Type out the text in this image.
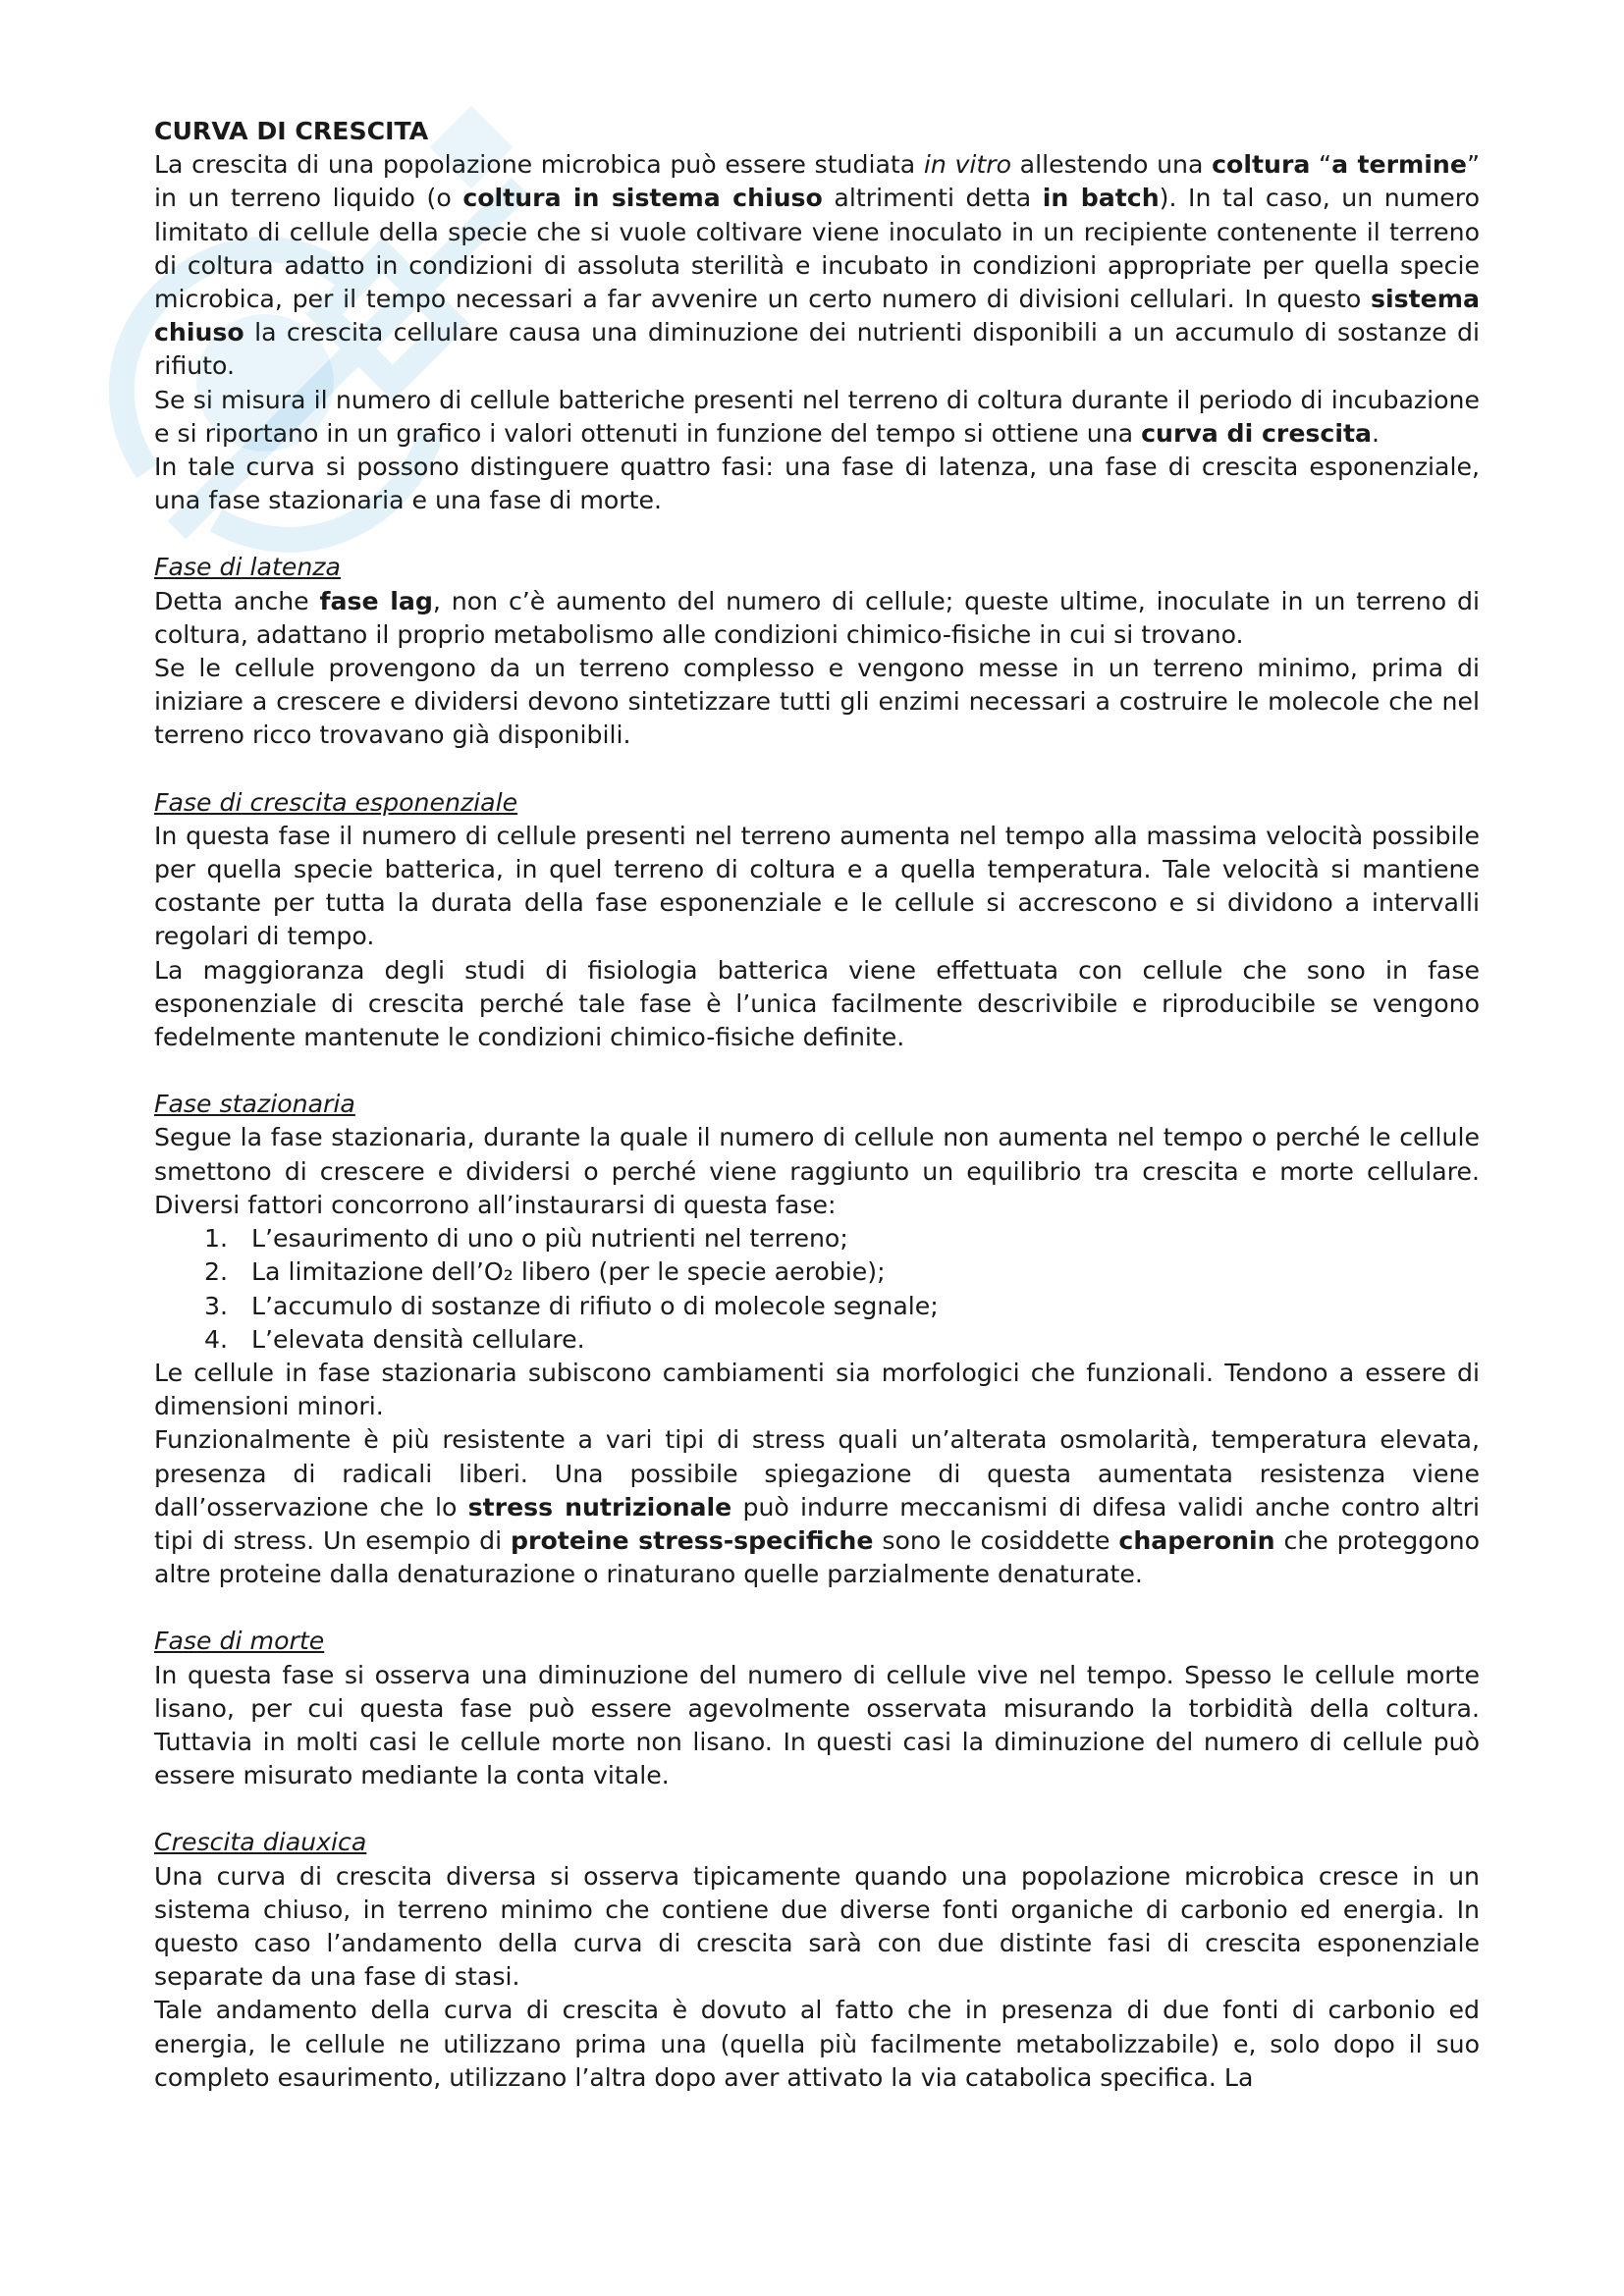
CURVA DI CRESCITA

La crescita di una popolazione microbica può essere studiata in vitro allestendo una coltura “a termine” in un terreno liquido (o coltura in sistema chiuso altrimenti detta in batch). In tal caso, un numero limitato di cellule della specie che si vuole coltivare viene inoculato in un recipiente contenente il terreno di coltura adatto in condizioni di assoluta sterilità e incubato in condizioni appropriate per quella specie microbica, per il tempo necessari a far avvenire un certo numero di divisioni cellulari. In questo sistema chiuso la crescita cellulare causa una diminuzione dei nutrienti disponibili a un accumulo di sostanze di rifiuto.

Se si misura il numero di cellule batteriche presenti nel terreno di coltura durante il periodo di incubazione e si riportano in un grafico i valori ottenuti in funzione del tempo si ottiene una curva di crescita.

In tale curva si possono distinguere quattro fasi: una fase di latenza, una fase di crescita esponenziale, una fase stazionaria e una fase di morte.

Fase di latenza

Detta anche fase lag, non c’è aumento del numero di cellule; queste ultime, inoculate in un terreno di coltura, adattano il proprio metabolismo alle condizioni chimico-fisiche in cui si trovano.

Se le cellule provengono da un terreno complesso e vengono messe in un terreno minimo, prima di iniziare a crescere e dividersi devono sintetizzare tutti gli enzimi necessari a costruire le molecole che nel terreno ricco trovavano già disponibili.

Fase di crescita esponenziale

In questa fase il numero di cellule presenti nel terreno aumenta nel tempo alla massima velocità possibile per quella specie batterica, in quel terreno di coltura e a quella temperatura. Tale velocità si mantiene costante per tutta la durata della fase esponenziale e le cellule si accrescono e si dividono a intervalli regolari di tempo.

La maggioranza degli studi di fisiologia batterica viene effettuata con cellule che sono in fase esponenziale di crescita perché tale fase è l’unica facilmente descrivibile e riproducibile se vengono fedelmente mantenute le condizioni chimico-fisiche definite.

Fase stazionaria

Segue la fase stazionaria, durante la quale il numero di cellule non aumenta nel tempo o perché le cellule smettono di crescere e dividersi o perché viene raggiunto un equilibrio tra crescita e morte cellulare. Diversi fattori concorrono all’instaurarsi di questa fase:

1. L’esaurimento di uno o più nutrienti nel terreno;
2. La limitazione dell’O₂ libero (per le specie aerobie);
3. L’accumulo di sostanze di rifiuto o di molecole segnale;
4. L’elevata densità cellulare.

Le cellule in fase stazionaria subiscono cambiamenti sia morfologici che funzionali. Tendono a essere di dimensioni minori.

Funzionalmente è più resistente a vari tipi di stress quali un’alterata osmolarità, temperatura elevata, presenza di radicali liberi. Una possibile spiegazione di questa aumentata resistenza viene dall’osservazione che lo stress nutrizionale può indurre meccanismi di difesa validi anche contro altri tipi di stress. Un esempio di proteine stress-specifiche sono le cosiddette chaperonin che proteggono altre proteine dalla denaturazione o rinaturano quelle parzialmente denaturate.

Fase di morte

In questa fase si osserva una diminuzione del numero di cellule vive nel tempo. Spesso le cellule morte lisano, per cui questa fase può essere agevolmente osservata misurando la torbidità della coltura. Tuttavia in molti casi le cellule morte non lisano. In questi casi la diminuzione del numero di cellule può essere misurato mediante la conta vitale.

Crescita diauxica

Una curva di crescita diversa si osserva tipicamente quando una popolazione microbica cresce in un sistema chiuso, in terreno minimo che contiene due diverse fonti organiche di carbonio ed energia. In questo caso l’andamento della curva di crescita sarà con due distinte fasi di crescita esponenziale separate da una fase di stasi.

Tale andamento della curva di crescita è dovuto al fatto che in presenza di due fonti di carbonio ed energia, le cellule ne utilizzano prima una (quella più facilmente metabolizzabile) e, solo dopo il suo completo esaurimento, utilizzano l’altra dopo aver attivato la via catabolica specifica. La
